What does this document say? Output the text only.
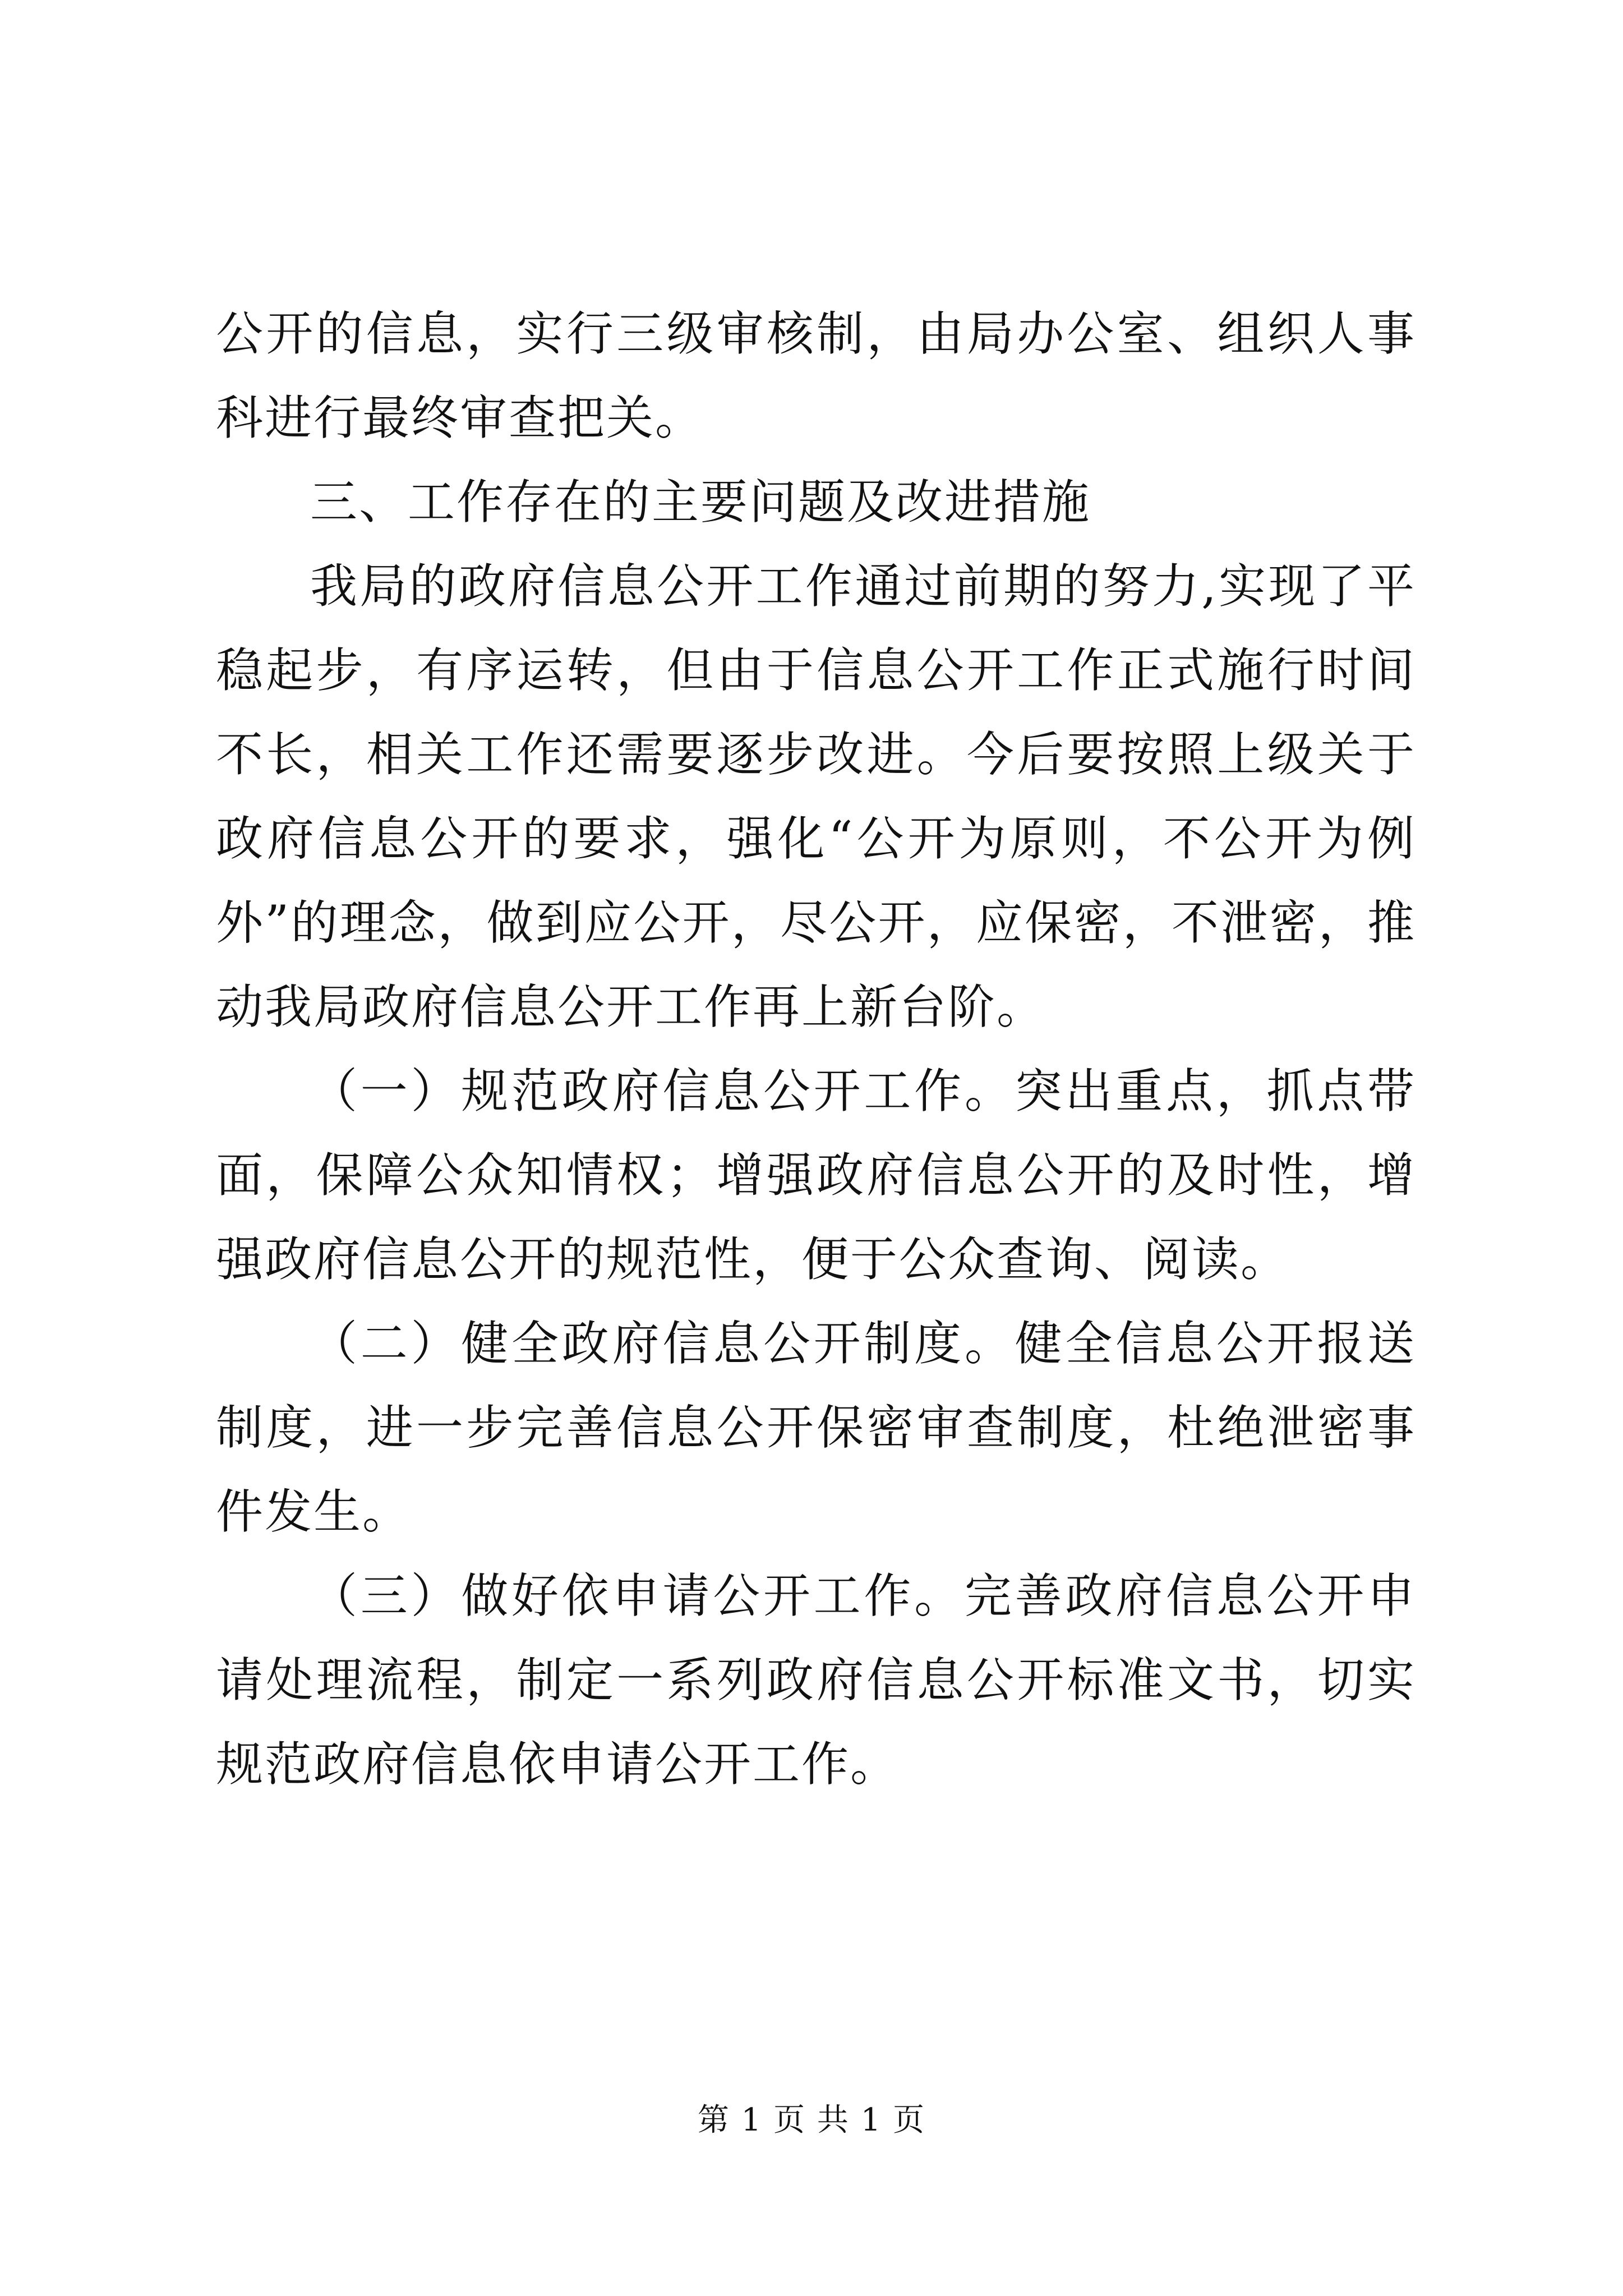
公开的信息，实行三级审核制，由局办公室、组织人事科进行最终审查把关。

三、工作存在的主要问题及改进措施

我局的政府信息公开工作通过前期的努力,实现了平稳起步，有序运转，但由于信息公开工作正式施行时间不长，相关工作还需要逐步改进。今后要按照上级关于政府信息公开的要求，强化“公开为原则，不公开为例外”的理念，做到应公开，尽公开，应保密，不泄密，推动我局政府信息公开工作再上新台阶。

（一）规范政府信息公开工作。突出重点，抓点带面，保障公众知情权；增强政府信息公开的及时性，增强政府信息公开的规范性，便于公众查询、阅读。

（二）健全政府信息公开制度。健全信息公开报送制度，进一步完善信息公开保密审查制度，杜绝泄密事件发生。

（三）做好依申请公开工作。完善政府信息公开申请处理流程，制定一系列政府信息公开标准文书，切实规范政府信息依申请公开工作。

第 1 页 共 1 页
